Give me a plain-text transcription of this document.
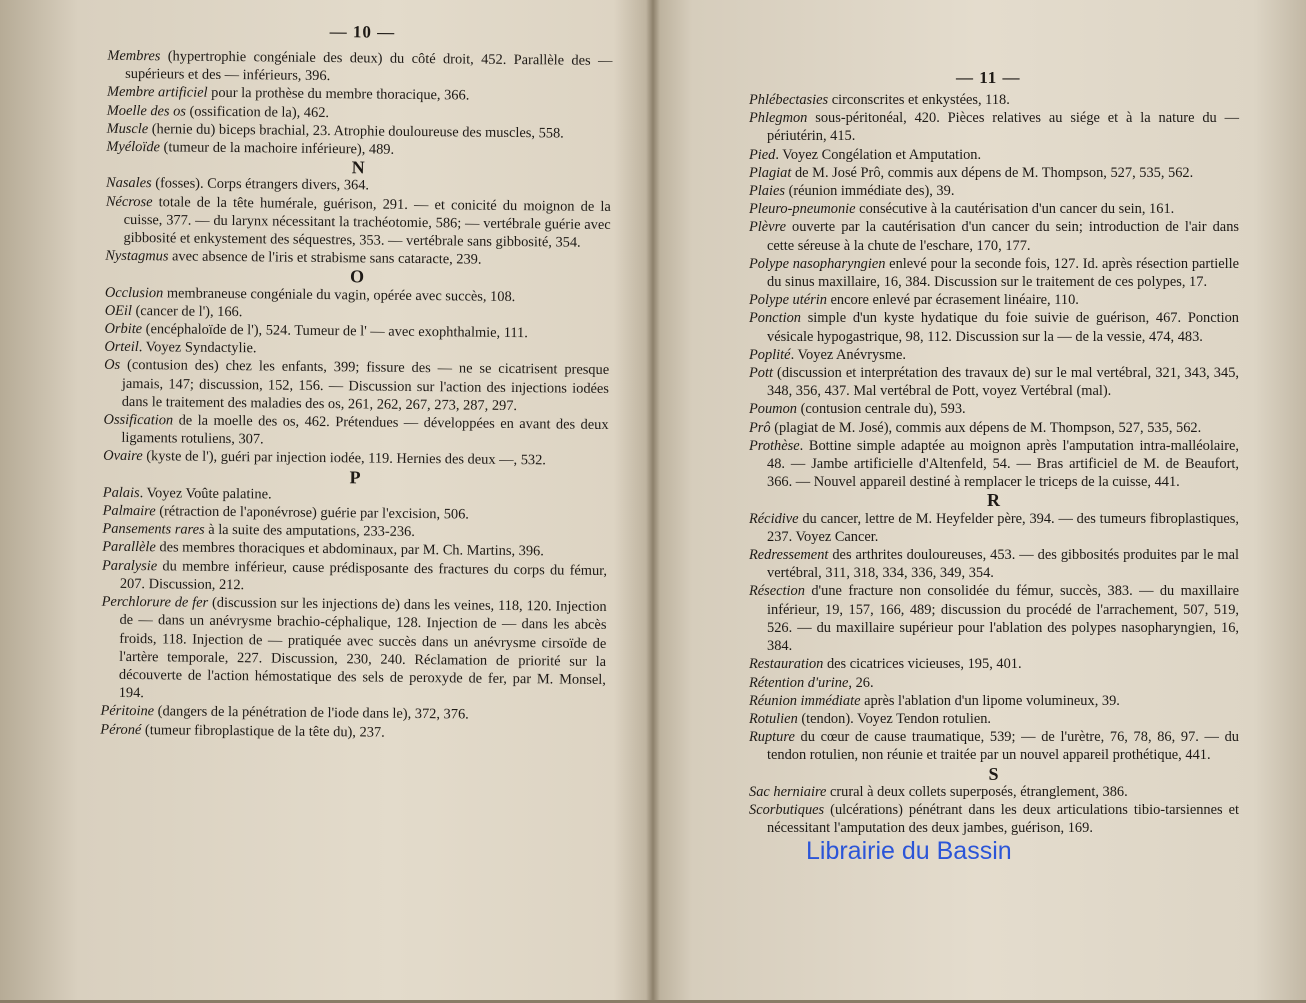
— 10 —

Membres (hypertrophie congéniale des deux) du côté droit, 452. Parallèle des — supérieurs et des — inférieurs, 396.

Membre artificiel pour la prothèse du membre thoracique, 366.

Moelle des os (ossification de la), 462.

Muscle (hernie du) biceps brachial, 23. Atrophie douloureuse des muscles, 558.

Myéloïde (tumeur de la machoire inférieure), 489.

N

Nasales (fosses). Corps étrangers divers, 364.

Nécrose totale de la tête humérale, guérison, 291. — et conicité du moignon de la cuisse, 377. — du larynx nécessitant la trachéotomie, 586; — vertébrale guérie avec gibbosité et enkystement des séquestres, 353. — vertébrale sans gibbosité, 354.

Nystagmus avec absence de l'iris et strabisme sans cataracte, 239.

O

Occlusion membraneuse congéniale du vagin, opérée avec succès, 108.

OEil (cancer de l'), 166.

Orbite (encéphaloïde de l'), 524. Tumeur de l' — avec exophthalmie, 111.

Orteil. Voyez Syndactylie.

Os (contusion des) chez les enfants, 399; fissure des — ne se cicatrisent presque jamais, 147; discussion, 152, 156. — Discussion sur l'action des injections iodées dans le traitement des maladies des os, 261, 262, 267, 273, 287, 297.

Ossification de la moelle des os, 462. Prétendues — développées en avant des deux ligaments rotuliens, 307.

Ovaire (kyste de l'), guéri par injection iodée, 119. Hernies des deux —, 532.

P

Palais. Voyez Voûte palatine.

Palmaire (rétraction de l'aponévrose) guérie par l'excision, 506.

Pansements rares à la suite des amputations, 233-236.

Parallèle des membres thoraciques et abdominaux, par M. Ch. Martins, 396.

Paralysie du membre inférieur, cause prédisposante des fractures du corps du fémur, 207. Discussion, 212.

Perchlorure de fer (discussion sur les injections de) dans les veines, 118, 120. Injection de — dans un anévrysme brachio-céphalique, 128. Injection de — dans les abcès froids, 118. Injection de — pratiquée avec succès dans un anévrysme cirsoïde de l'artère temporale, 227. Discussion, 230, 240. Réclamation de priorité sur la découverte de l'action hémostatique des sels de peroxyde de fer, par M. Monsel, 194.

Péritoine (dangers de la pénétration de l'iode dans le), 372, 376.

Péroné (tumeur fibroplastique de la tête du), 237.

— 11 —

Phlébectasies circonscrites et enkystées, 118.

Phlegmon sous-péritonéal, 420. Pièces relatives au siége et à la nature du — périutérin, 415.

Pied. Voyez Congélation et Amputation.

Plagiat de M. José Prô, commis aux dépens de M. Thompson, 527, 535, 562.

Plaies (réunion immédiate des), 39.

Pleuro-pneumonie consécutive à la cautérisation d'un cancer du sein, 161.

Plèvre ouverte par la cautérisation d'un cancer du sein; introduction de l'air dans cette séreuse à la chute de l'eschare, 170, 177.

Polype nasopharyngien enlevé pour la seconde fois, 127. Id. après résection partielle du sinus maxillaire, 16, 384. Discussion sur le traitement de ces polypes, 17.

Polype utérin encore enlevé par écrasement linéaire, 110.

Ponction simple d'un kyste hydatique du foie suivie de guérison, 467. Ponction vésicale hypogastrique, 98, 112. Discussion sur la — de la vessie, 474, 483.

Poplité. Voyez Anévrysme.

Pott (discussion et interprétation des travaux de) sur le mal vertébral, 321, 343, 345, 348, 356, 437. Mal vertébral de Pott, voyez Vertébral (mal).

Poumon (contusion centrale du), 593.

Prô (plagiat de M. José), commis aux dépens de M. Thompson, 527, 535, 562.

Prothèse. Bottine simple adaptée au moignon après l'amputation intra-malléolaire, 48. — Jambe artificielle d'Altenfeld, 54. — Bras artificiel de M. de Beaufort, 366. — Nouvel appareil destiné à remplacer le triceps de la cuisse, 441.

R

Récidive du cancer, lettre de M. Heyfelder père, 394. — des tumeurs fibroplastiques, 237. Voyez Cancer.

Redressement des arthrites douloureuses, 453. — des gibbosités produites par le mal vertébral, 311, 318, 334, 336, 349, 354.

Résection d'une fracture non consolidée du fémur, succès, 383. — du maxillaire inférieur, 19, 157, 166, 489; discussion du procédé de l'arrachement, 507, 519, 526. — du maxillaire supérieur pour l'ablation des polypes nasopharyngien, 16, 384.

Restauration des cicatrices vicieuses, 195, 401.

Rétention d'urine, 26.

Réunion immédiate après l'ablation d'un lipome volumineux, 39.

Rotulien (tendon). Voyez Tendon rotulien.

Rupture du cœur de cause traumatique, 539; — de l'urètre, 76, 78, 86, 97. — du tendon rotulien, non réunie et traitée par un nouvel appareil prothétique, 441.

S

Sac herniaire crural à deux collets superposés, étranglement, 386.

Scorbutiques (ulcérations) pénétrant dans les deux articulations tibio-tarsiennes et nécessitant l'amputation des deux jambes, guérison, 169.

Librairie du Bassin
